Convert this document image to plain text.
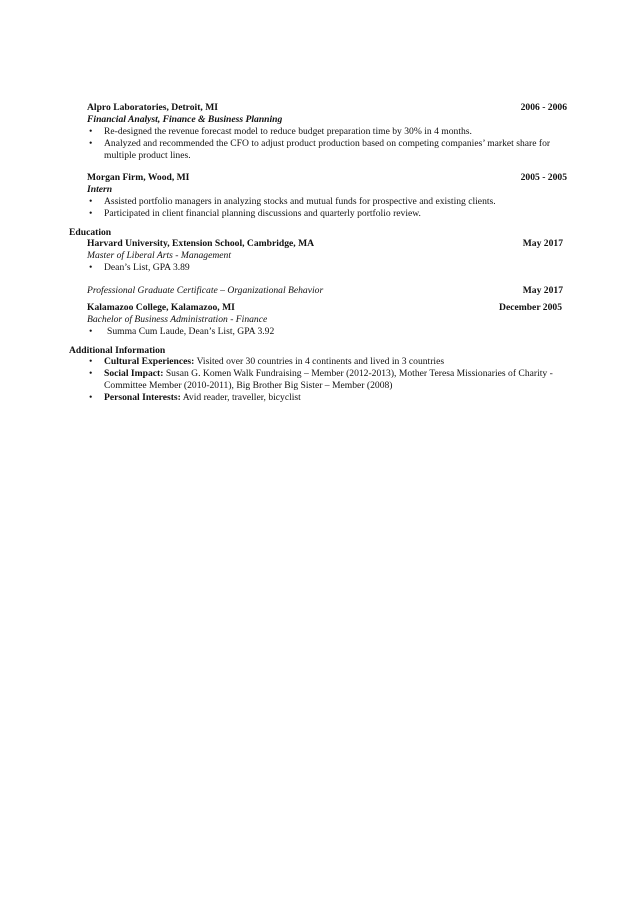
Alpro Laboratories, Detroit, MI	2006 - 2006
Financial Analyst, Finance & Business Planning
• Re-designed the revenue forecast model to reduce budget preparation time by 30% in 4 months.
• Analyzed and recommended the CFO to adjust product production based on competing companies’ market share for multiple product lines.
Morgan Firm, Wood, MI	2005 - 2005
Intern
• Assisted portfolio managers in analyzing stocks and mutual funds for prospective and existing clients.
• Participated in client financial planning discussions and quarterly portfolio review.
Education
Harvard University, Extension School, Cambridge, MA	May 2017
Master of Liberal Arts - Management
• Dean’s List, GPA 3.89
Professional Graduate Certificate – Organizational Behavior	May 2017
Kalamazoo College, Kalamazoo, MI	December 2005
Bachelor of Business Administration - Finance
• Summa Cum Laude, Dean’s List, GPA 3.92
Additional Information
• Cultural Experiences: Visited over 30 countries in 4 continents and lived in 3 countries
• Social Impact: Susan G. Komen Walk Fundraising – Member (2012-2013), Mother Teresa Missionaries of Charity - Committee Member (2010-2011), Big Brother Big Sister – Member (2008)
• Personal Interests: Avid reader, traveller, bicyclist
